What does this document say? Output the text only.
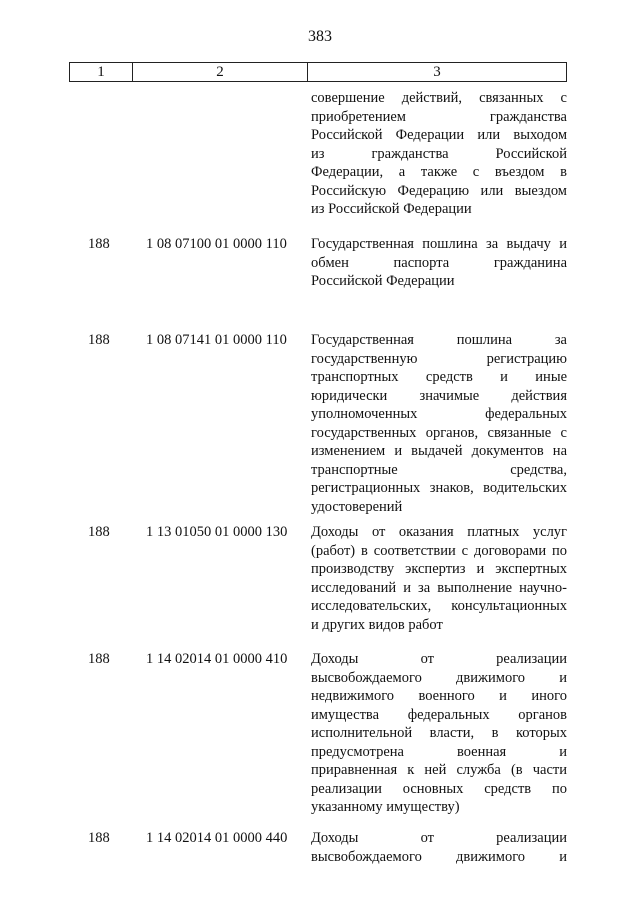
383
1	2	3
совершение действий, связанных с
приобретением гражданства
Российской Федерации или выходом
из гражданства Российской
Федерации, а также с въездом в
Российскую Федерацию или выездом
из Российской Федерации
188	1 08 07100 01 0000 110	Государственная пошлина за выдачу и
обмен паспорта гражданина
Российской Федерации
188	1 08 07141 01 0000 110	Государственная пошлина за
государственную регистрацию
транспортных средств и иные
юридически значимые действия
уполномоченных федеральных
государственных органов, связанные с
изменением и выдачей документов на
транспортные средства,
регистрационных знаков, водительских
удостоверений
188	1 13 01050 01 0000 130	Доходы от оказания платных услуг
(работ) в соответствии с договорами по
производству экспертиз и экспертных
исследований и за выполнение научно-
исследовательских, консультационных
и других видов работ
188	1 14 02014 01 0000 410	Доходы от реализации
высвобождаемого движимого и
недвижимого военного и иного
имущества федеральных органов
исполнительной власти, в которых
предусмотрена военная и
приравненная к ней служба (в части
реализации основных средств по
указанному имуществу)
188	1 14 02014 01 0000 440	Доходы от реализации
высвобождаемого движимого и
